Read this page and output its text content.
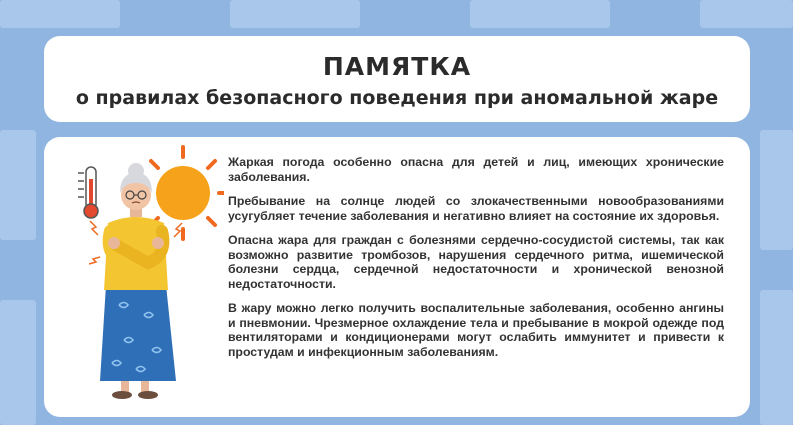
ПАМЯТКА
о правилах безопасного поведения при аномальной жаре

Жаркая погода особенно опасна для детей и лиц, имеющих хронические заболевания.

Пребывание на солнце людей со злокачественными новообразованиями усугубляет течение заболевания и негативно влияет на состояние их здоровья.

Опасна жара для граждан с болезнями сердечно-сосудистой системы, так как возможно развитие тромбозов, нарушения сердечного ритма, ишемической болезни сердца, сердечной недостаточности и хронической венозной недостаточности.

В жару можно легко получить воспалительные заболевания, особенно ангины и пневмонии. Чрезмерное охлаждение тела и пребывание в мокрой одежде под вентиляторами и кондиционерами могут ослабить иммунитет и привести к простудам и инфекционным заболеваниям.
